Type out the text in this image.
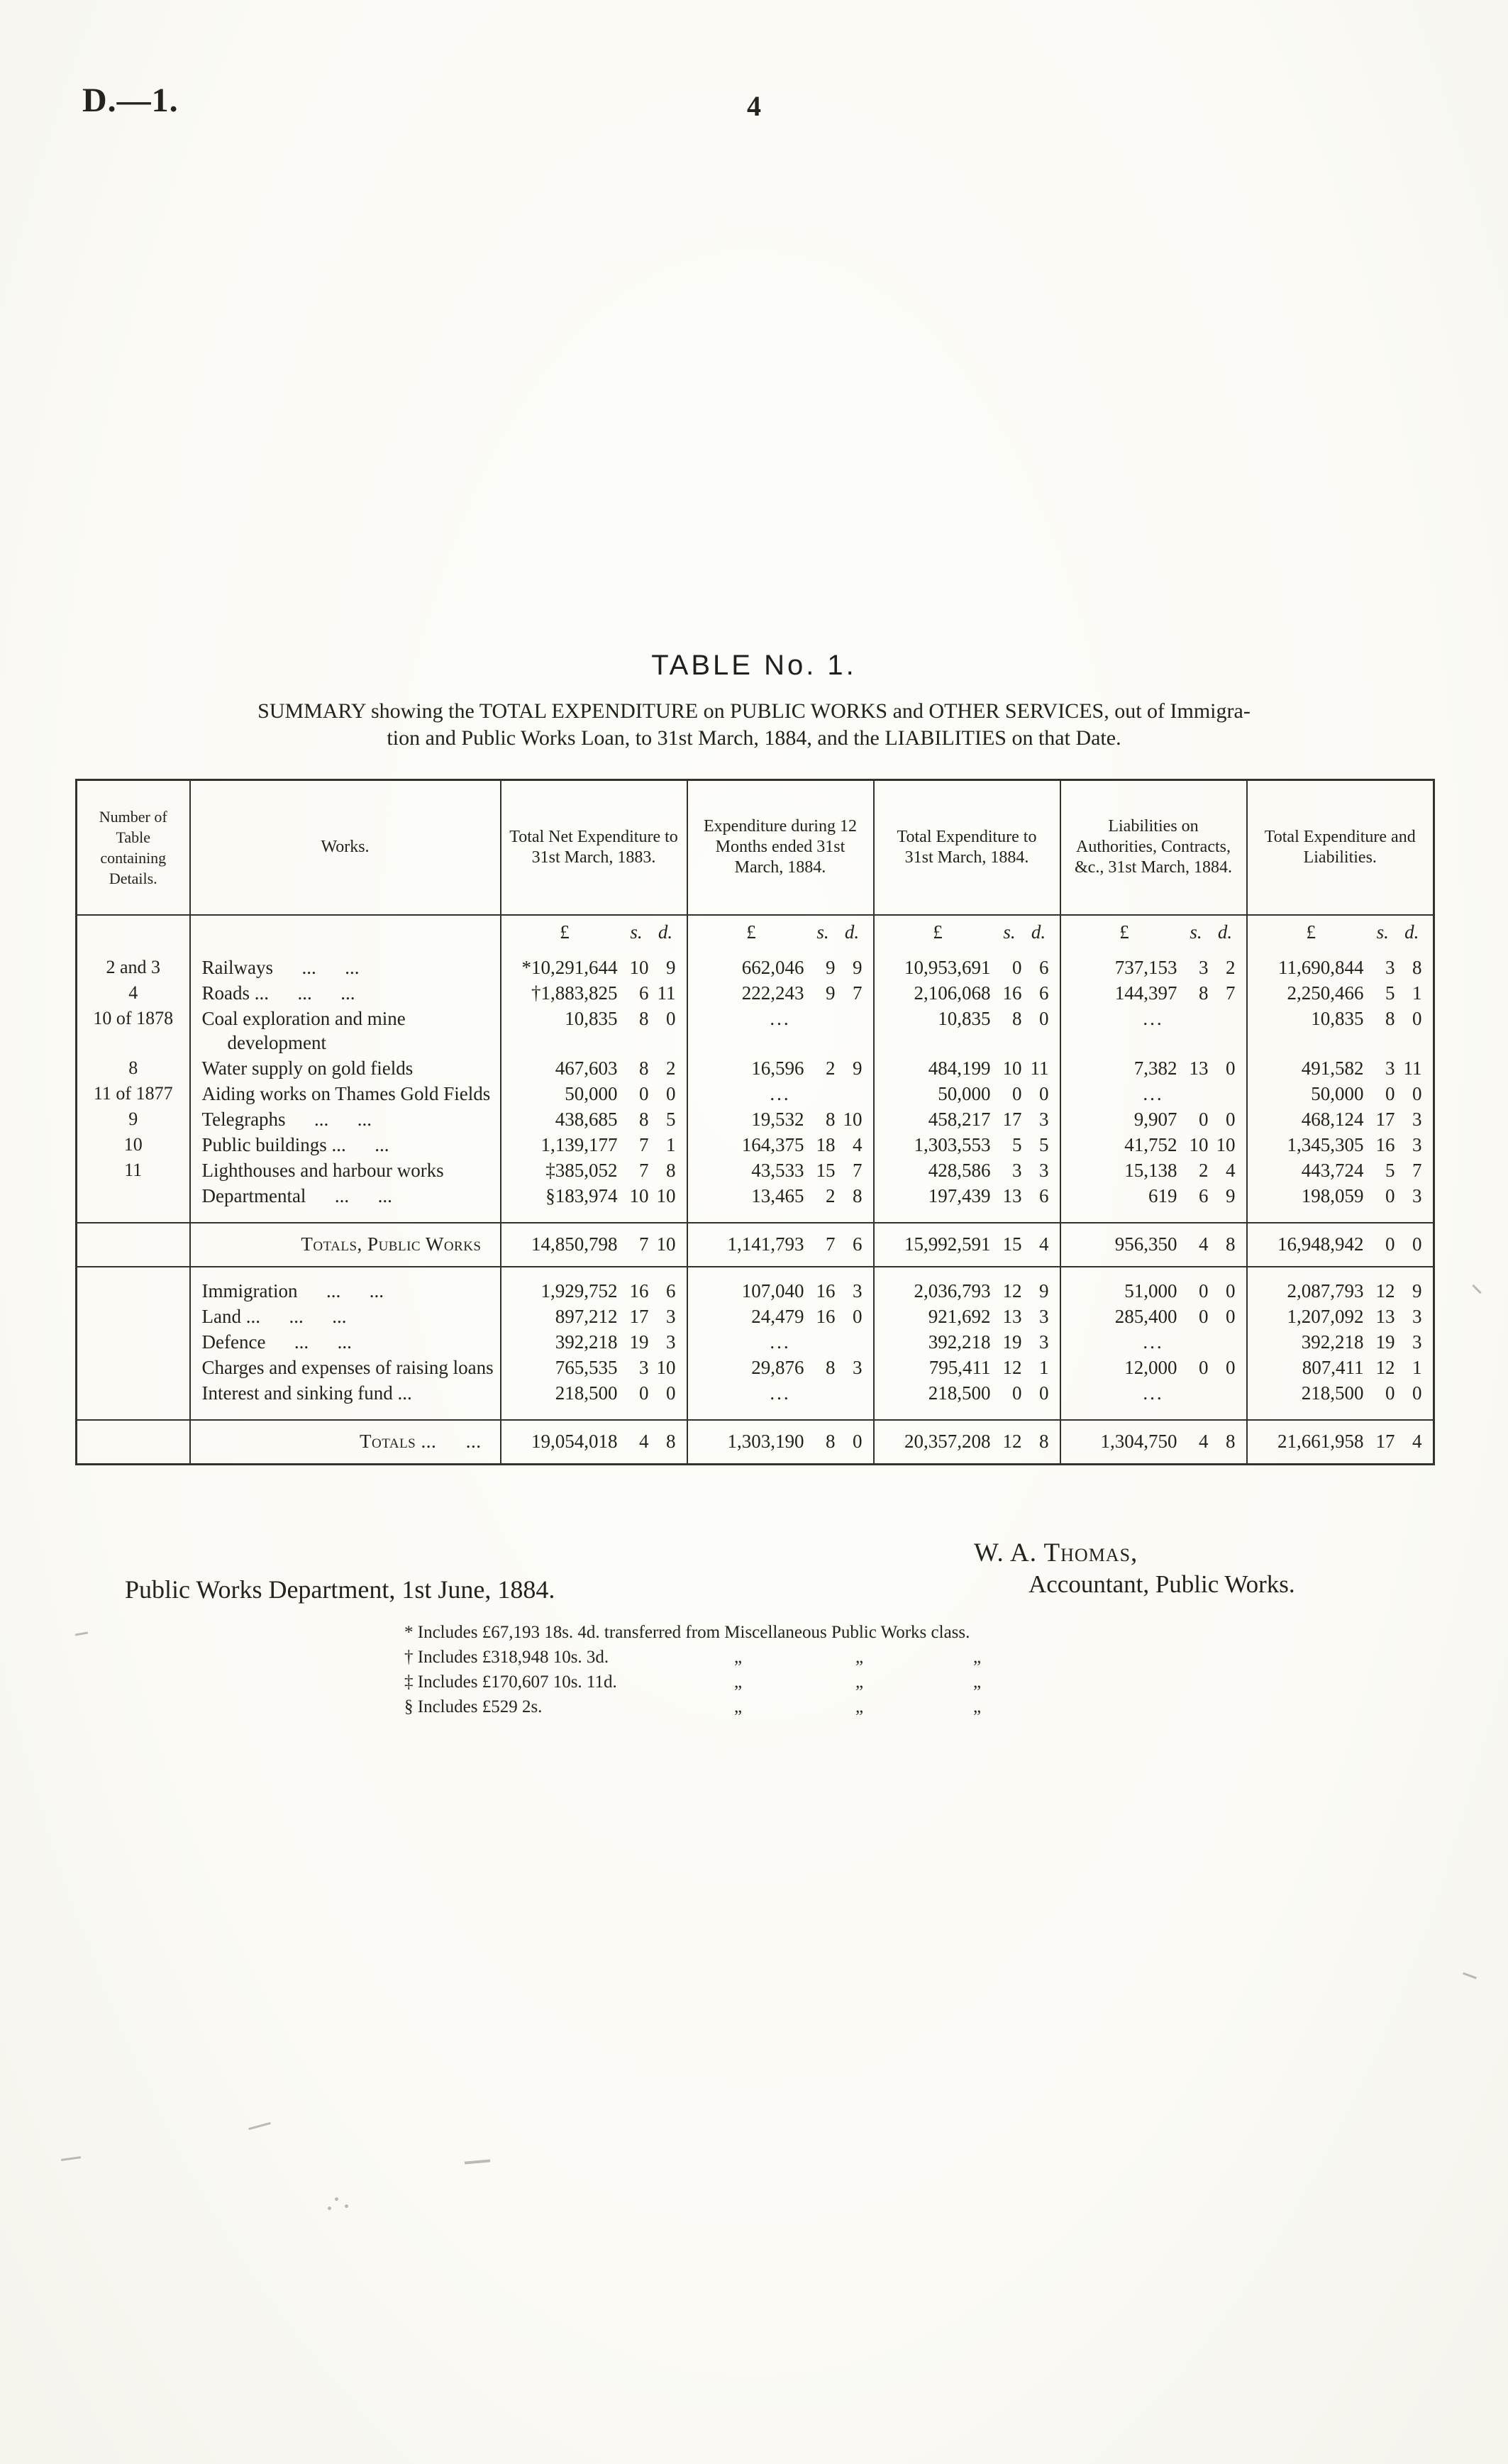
D.—1.	4
TABLE No. 1.
SUMMARY showing the TOTAL EXPENDITURE on PUBLIC WORKS and OTHER SERVICES, out of Immigra-
tion and Public Works Loan, to 31st March, 1884, and the LIABILITIES on that Date.
Number of Table containing Details.	Works.	Total Net Expenditure to 31st March, 1883.	Expenditure during 12 Months ended 31st March, 1884.	Total Expenditure to 31st March, 1884.	Liabilities on Authorities, Contracts, &c., 31st March, 1884.	Total Expenditure and Liabilities.
		£ s. d.	£ s. d.	£ s. d.	£ s. d.	£ s. d.
2 and 3	Railways  ...  ...	*10,291,644 10 9	662,046 9 9	10,953,691 0 6	737,153 3 2	11,690,844 3 8
4	Roads ...  ...  ...	†1,883,825 6 11	222,243 9 7	2,106,068 16 6	144,397 8 7	2,250,466 5 1
10 of 1878	Coal exploration and mine development	10,835 8 0	...	10,835 8 0	...	10,835 8 0
8	Water supply on gold fields	467,603 8 2	16,596 2 9	484,199 10 11	7,382 13 0	491,582 3 11
11 of 1877	Aiding works on Thames Gold Fields	50,000 0 0	...	50,000 0 0	...	50,000 0 0
9	Telegraphs  ...  ...	438,685 8 5	19,532 8 10	458,217 17 3	9,907 0 0	468,124 17 3
10	Public buildings ...  ...	1,139,177 7 1	164,375 18 4	1,303,553 5 5	41,752 10 10	1,345,305 16 3
11	Lighthouses and harbour works	‡385,052 7 8	43,533 15 7	428,586 3 3	15,138 2 4	443,724 5 7

	Departmental  ...  ...	§183,974 10 10	13,465 2 8	197,439 13 6	619 6 9	198,059 0 3
	Totals, Public Works	14,850,798 7 10	1,141,793 7 6	15,992,591 15 4	956,350 4 8	16,948,942 0 0

	Immigration  ...  ...	1,929,752 16 6	107,040 16 3	2,036,793 12 9	51,000 0 0	2,087,793 12 9

	Land ...  ...  ...	897,212 17 3	24,479 16 0	921,692 13 3	285,400 0 0	1,207,092 13 3

	Defence  ...  ...	392,218 19 3	...	392,218 19 3	...	392,218 19 3

	Charges and expenses of raising loans	765,535 3 10	29,876 8 3	795,411 12 1	12,000 0 0	807,411 12 1

	Interest and sinking fund ...	218,500 0 0	...	218,500 0 0	...	218,500 0 0
	Totals ...  ...	19,054,018 4 8	1,303,190 8 0	20,357,208 12 8	1,304,750 4 8	21,661,958 17 4
W. A. Thomas,
Accountant, Public Works.
Public Works Department, 1st June, 1884.
* Includes £67,193 18s. 4d. transferred from Miscellaneous Public Works class.
† Includes £318,948 10s. 3d.	„	„	„
‡ Includes £170,607 10s. 11d.	„	„	„
§ Includes £529 2s.	„	„	„
